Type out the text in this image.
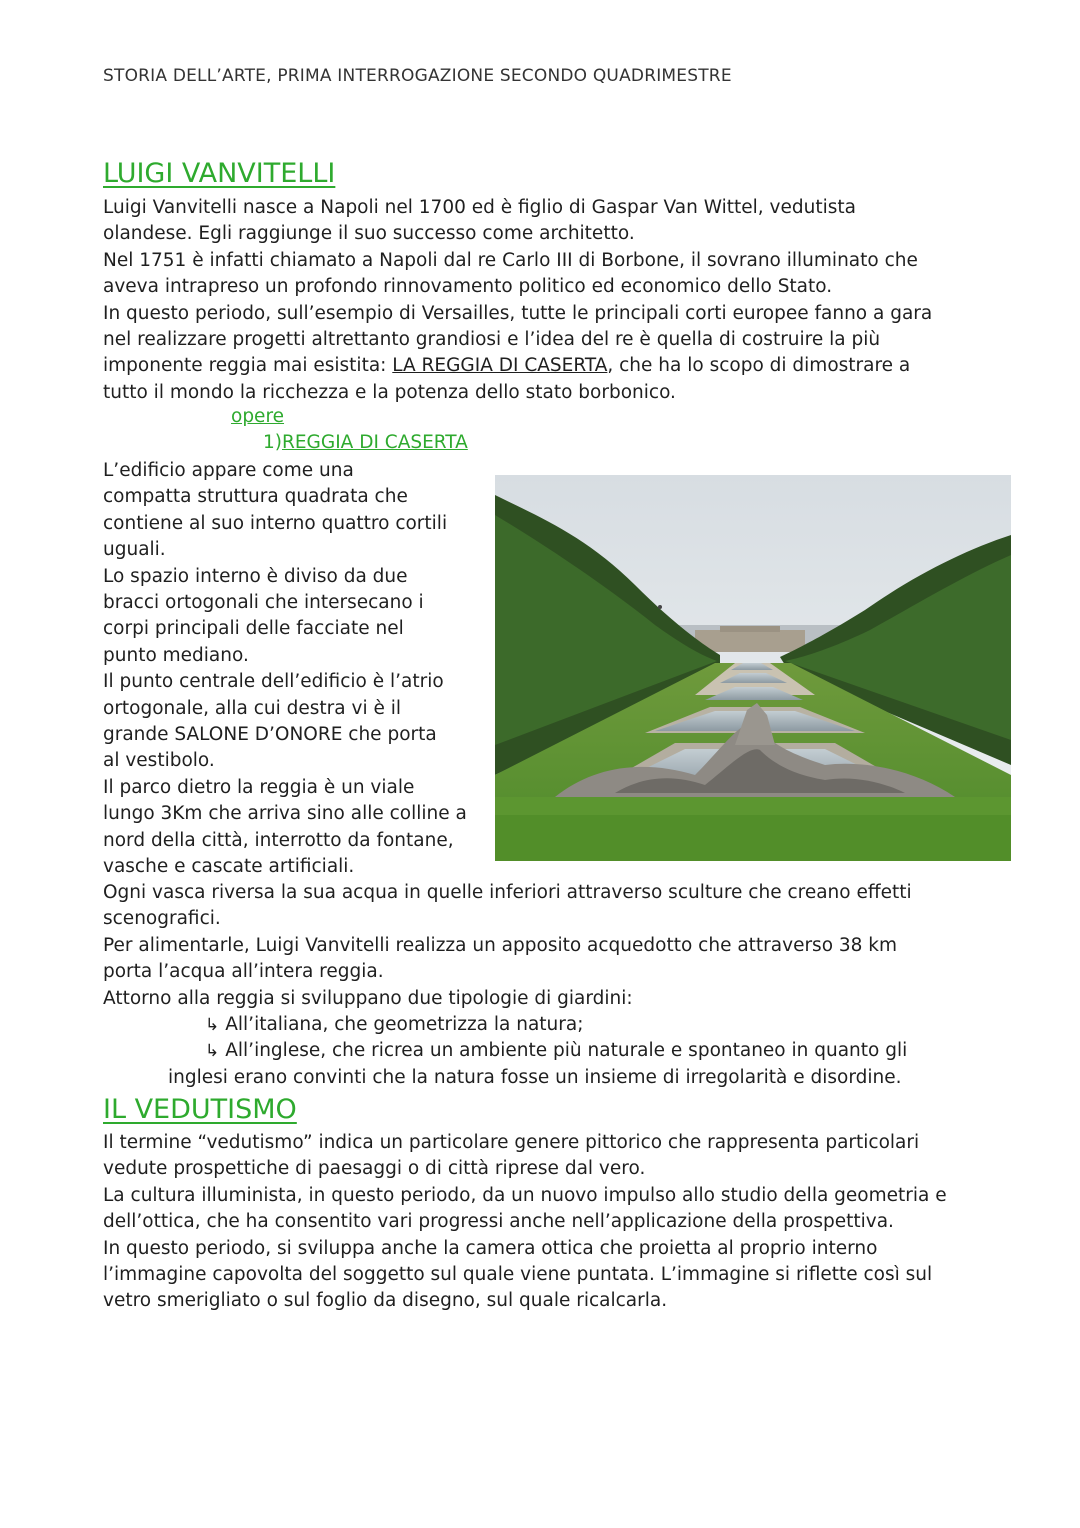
STORIA DELL’ARTE, PRIMA INTERROGAZIONE SECONDO QUADRIMESTRE
LUIGI VANVITELLI

Luigi Vanvitelli nasce a Napoli nel 1700 ed è figlio di Gaspar Van Wittel, vedutista
olandese. Egli raggiunge il suo successo come architetto.
Nel 1751 è infatti chiamato a Napoli dal re Carlo III di Borbone, il sovrano illuminato che
aveva intrapreso un profondo rinnovamento politico ed economico dello Stato.
In questo periodo, sull’esempio di Versailles, tutte le principali corti europee fanno a gara
nel realizzare progetti altrettanto grandiosi e l’idea del re è quella di costruire la più
imponente reggia mai esistita: LA REGGIA DI CASERTA, che ha lo scopo di dimostrare a
tutto il mondo la ricchezza e la potenza dello stato borbonico.

opere
1)REGGIA DI CASERTA

L’edificio appare come una
compatta struttura quadrata che
contiene al suo interno quattro cortili
uguali.
Lo spazio interno è diviso da due
bracci ortogonali che intersecano i
corpi principali delle facciate nel
punto mediano.
Il punto centrale dell’edificio è l’atrio
ortogonale, alla cui destra vi è il
grande SALONE D’ONORE che porta
al vestibolo.
Il parco dietro la reggia è un viale
lungo 3Km che arriva sino alle colline a
nord della città, interrotto da fontane,
vasche e cascate artificiali.

Ogni vasca riversa la sua acqua in quelle inferiori attraverso sculture che creano effetti
scenografici.
Per alimentarle, Luigi Vanvitelli realizza un apposito acquedotto che attraverso 38 km
porta l’acqua all’intera reggia.
Attorno alla reggia si sviluppano due tipologie di giardini:

↳ All’italiana, che geometrizza la natura;
↳ All’inglese, che ricrea un ambiente più naturale e spontaneo in quanto gli
inglesi erano convinti che la natura fosse un insieme di irregolarità e disordine.
IL VEDUTISMO

Il termine “vedutismo” indica un particolare genere pittorico che rappresenta particolari
vedute prospettiche di paesaggi o di città riprese dal vero.
La cultura illuminista, in questo periodo, da un nuovo impulso allo studio della geometria e
dell’ottica, che ha consentito vari progressi anche nell’applicazione della prospettiva.
In questo periodo, si sviluppa anche la camera ottica che proietta al proprio interno
l’immagine capovolta del soggetto sul quale viene puntata. L’immagine si riflette così sul
vetro smerigliato o sul foglio da disegno, sul quale ricalcarla.
